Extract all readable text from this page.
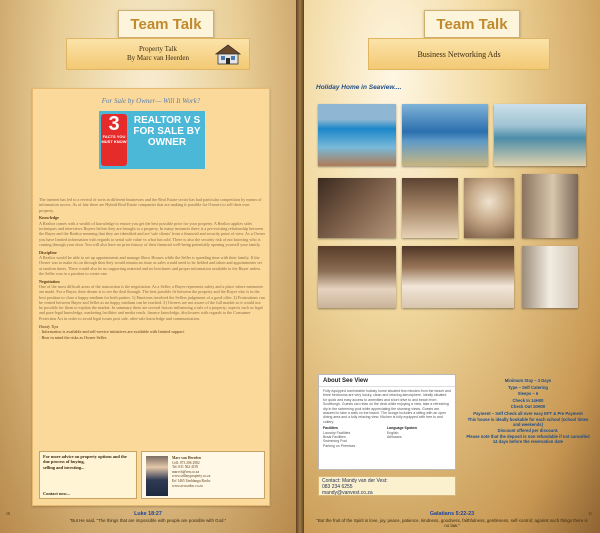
Team Talk
Property Talk
By Marc van Heerden
For Sale by Owner— Will It Work?
3
FACTS YOU MUST KNOW
REALTOR V S FOR SALE BY OWNER

The internet has led to a revival of sorts in different businesses and the Real Estate sector has had particular competition by means of information access. As of late there are Hybrid Real Estate companies that are making it possible for Owners to sell their own property.

Knowledge

A Realtor comes with a wealth of knowledge to ensure you get the best possible price for your property. A Realtor applies sales techniques and interviews Buyers before they are brought to a property. In many instances there is a pre-existing relationship between the Buyer and the Realtor meaning that they are identified and are 'safe clients' from a financial and security point of view. As a Owner you have limited information with regards to serial sale value vs what has sold. There is also the security risk of not knowing who is coming through your door. You will also have no prior history of their financial well-being potentially opening yourself your family.

Discipline

A Realtor would be able to set up appointments and manage Show Houses while the Seller is spending time with their family. If the Owner was to make do on through then they would remain an issue as sales would need to be fielded and taken and appointments set at random times. There would also be no supporting material and no brochures and proper information available to the Buyer unless the Seller was in a position to create one.

Negotiation

One of the most difficult areas of the transaction is the negotiation. As a Seller, a Buyer represents safety and a place where memories are made. For a Buyer, their dream is to see the deal through. The best possible fit between the property and the Buyer who is in the best position to close a happy medium for both parties. 1) Emotions involved the Sellers judgement of a good offer. 2) Frustrations can be vented between Buyer and Seller as no happy medium can be reached. 3) Owners are not aware of the full market so it would not be possible for them to explain the market. In summary there are several factors influencing a sale of a property; aspects such as legal and para-legal knowledge, marketing facilities and media reach, finance knowledge, disclosures with regards to the Consumer Protection Act in order to avoid legal issues post sale, after-sale knowledge and communication.

Handy Tips
· Information is available and self-service initiatives are available with limited support.
· Bear in mind the risks as Owner Seller.
For more advice on property options and the
due process of buying,
selling and investing...
Contact now...
Marc van Heerden
Cell: 073 206 2982
Tel: 031 562 4195
marcvh@ren.co.za
www.sellmyproperty.co.za
Erf 1465 Umhlanga Rocks
www.avocadoo.co.za
Luke 18:27
"But He said, "The things that are impossible with people are possible with God."
10
Team Talk
Business Networking Ads
Holiday Home in Seaview....
About See View
Fully equipped comfortable holiday home situated few minutes from the beach and three bedrooms are very luxury, clean and relaxing atmosphere. Ideally situated for quick and easy access to amenities and short drive to and beach from Scottburgh. Guests can relax on the deck while enjoying a view, take a refreshing dip in the swimming pool while appreciating the stunning views. Guests are assured to take a walk on the beach. The lounge includes a sitting with an open dining area and a fully relaxing view. Kitchen is fully equipped with free to and cutlery.
Facilities
Laundry Facilities
Braai Facilities
Swimming Pool
Parking on Premises
Language Spoken
English
Afrikaans
Contact: Mandy van der Vest:
083 234 6255
mandy@vanvest.co.za
Minimum Stay – 3 Days
Type – Self Catering
Sleeps – 6
Check In 14H00
Check Out 10H00
Payment – Self Check all over easy EFT & Pre Payment
This house is ideally bookable for each school (school times and weekends)
Discount offered per discount.
Please note that the deposit is non refundable if not cancelled 14 days before the reservation date
Galatians 5:22-23
"But the fruit of the Spirit is love, joy, peace, patience, kindness, goodness, faithfulness, gentleness, self-control; against such things there is no law."
11
